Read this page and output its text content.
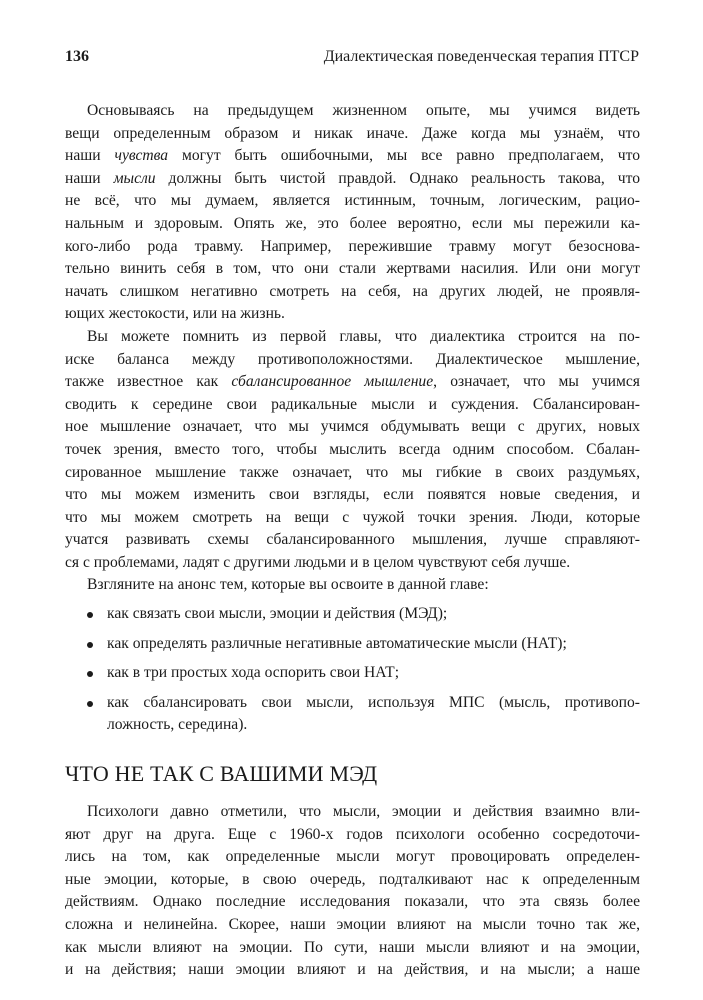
136	Диалектическая поведенческая терапия ПТСР
Основываясь на предыдущем жизненном опыте, мы учимся видеть
вещи определенным образом и никак иначе. Даже когда мы узнаём, что
наши чувства могут быть ошибочными, мы все равно предполагаем, что
наши мысли должны быть чистой правдой. Однако реальность такова, что
не всё, что мы думаем, является истинным, точным, логическим, рацио-
нальным и здоровым. Опять же, это более вероятно, если мы пережили ка-
кого-либо рода травму. Например, пережившие травму могут безоснова-
тельно винить себя в том, что они стали жертвами насилия. Или они могут
начать слишком негативно смотреть на себя, на других людей, не проявля-
ющих жестокости, или на жизнь.
Вы можете помнить из первой главы, что диалектика строится на по-
иске баланса между противоположностями. Диалектическое мышление,
также известное как сбалансированное мышление, означает, что мы учимся
сводить к середине свои радикальные мысли и суждения. Сбалансирован-
ное мышление означает, что мы учимся обдумывать вещи с других, новых
точек зрения, вместо того, чтобы мыслить всегда одним способом. Сбалан-
сированное мышление также означает, что мы гибкие в своих раздумьях,
что мы можем изменить свои взгляды, если появятся новые сведения, и
что мы можем смотреть на вещи с чужой точки зрения. Люди, которые
учатся развивать схемы сбалансированного мышления, лучше справляют-
ся с проблемами, ладят с другими людьми и в целом чувствуют себя лучше.
Взгляните на анонс тем, которые вы освоите в данной главе:
как связать свои мысли, эмоции и действия (МЭД);
как определять различные негативные автоматические мысли (НАТ);
как в три простых хода оспорить свои НАТ;
как сбалансировать свои мысли, используя МПС (мысль, противопо-
ложность, середина).
ЧТО НЕ ТАК С ВАШИМИ МЭД
Психологи давно отметили, что мысли, эмоции и действия взаимно вли-
яют друг на друга. Еще с 1960-х годов психологи особенно сосредоточи-
лись на том, как определенные мысли могут провоцировать определен-
ные эмоции, которые, в свою очередь, подталкивают нас к определенным
действиям. Однако последние исследования показали, что эта связь более
сложна и нелинейна. Скорее, наши эмоции влияют на мысли точно так же,
как мысли влияют на эмоции. По сути, наши мысли влияют и на эмоции,
и на действия; наши эмоции влияют и на действия, и на мысли; а наше
